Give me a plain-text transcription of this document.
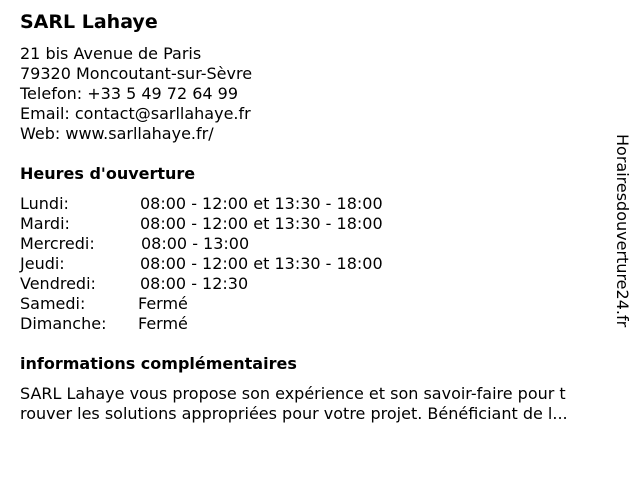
SARL Lahaye
21 bis Avenue de Paris
79320 Moncoutant-sur-Sèvre
Telefon: +33 5 49 72 64 99
Email: contact@sarllahaye.fr
Web: www.sarllahaye.fr/
Heures d'ouverture
Lundi:	08:00 - 12:00 et 13:30 - 18:00
Mardi:	08:00 - 12:00 et 13:30 - 18:00
Mercredi:	08:00 - 13:00
Jeudi:	08:00 - 12:00 et 13:30 - 18:00
Vendredi:	08:00 - 12:30
Samedi:	Fermé
Dimanche: Fermé
informations complémentaires
SARL Lahaye vous propose son expérience et son savoir-faire pour t
rouver les solutions appropriées pour votre projet. Bénéficiant de l...
Horairesdouverture24.fr
